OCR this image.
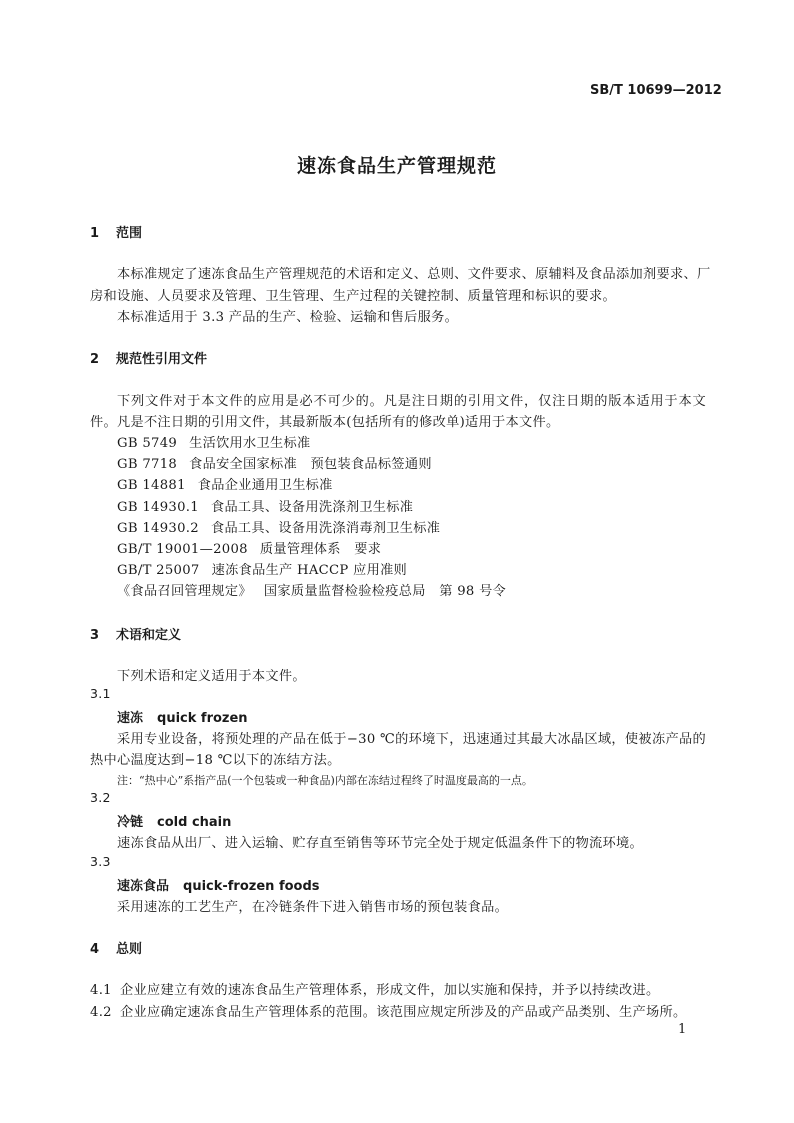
SB/T 10699—2012
速冻食品生产管理规范
1 范围
本标准规定了速冻食品生产管理规范的术语和定义、总则、文件要求、原辅料及食品添加剂要求、厂
房和设施、人员要求及管理、卫生管理、生产过程的关键控制、质量管理和标识的要求。
本标准适用于 3.3 产品的生产、检验、运输和售后服务。
2 规范性引用文件
下列文件对于本文件的应用是必不可少的。凡是注日期的引用文件，仅注日期的版本适用于本文
件。凡是不注日期的引用文件，其最新版本(包括所有的修改单)适用于本文件。
GB 5749 生活饮用水卫生标准
GB 7718 食品安全国家标准　预包装食品标签通则
GB 14881 食品企业通用卫生标准
GB 14930.1 食品工具、设备用洗涤剂卫生标准
GB 14930.2 食品工具、设备用洗涤消毒剂卫生标准
GB/T 19001—2008 质量管理体系　要求
GB/T 25007 速冻食品生产 HACCP 应用准则
《食品召回管理规定》 国家质量监督检验检疫总局　第 98 号令
3 术语和定义
下列术语和定义适用于本文件。
3.1
速冻 quick frozen
采用专业设备，将预处理的产品在低于−30 ℃的环境下，迅速通过其最大冰晶区域，使被冻产品的
热中心温度达到−18 ℃以下的冻结方法。
注：“热中心”系指产品(一个包装或一种食品)内部在冻结过程终了时温度最高的一点。
3.2
冷链 cold chain
速冻食品从出厂、进入运输、贮存直至销售等环节完全处于规定低温条件下的物流环境。
3.3
速冻食品 quick-frozen foods
采用速冻的工艺生产，在冷链条件下进入销售市场的预包装食品。
4 总则
4.1 企业应建立有效的速冻食品生产管理体系，形成文件，加以实施和保持，并予以持续改进。
4.2 企业应确定速冻食品生产管理体系的范围。该范围应规定所涉及的产品或产品类别、生产场所。
1
